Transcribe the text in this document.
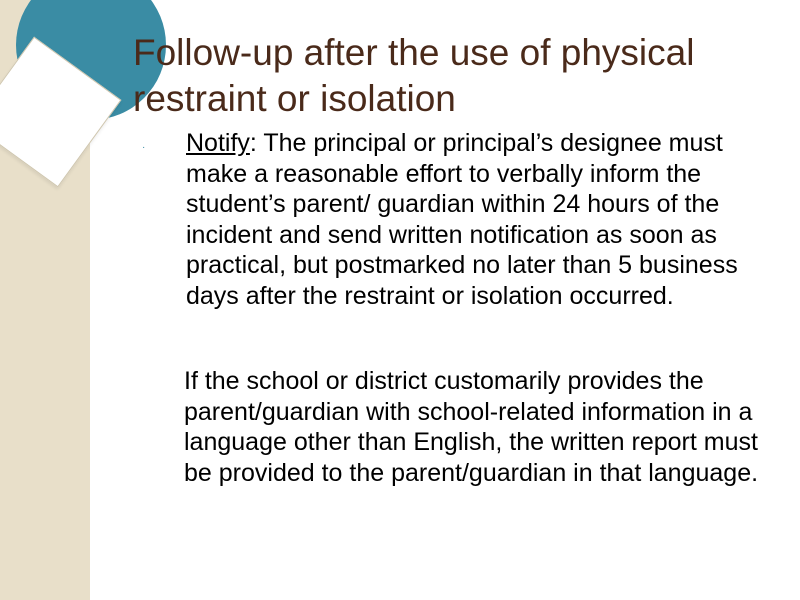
Follow-up after the use of physical restraint or isolation
· Notify: The principal or principal’s designee must make a reasonable effort to verbally inform the student’s parent/ guardian within 24 hours of the incident and send written notification as soon as practical, but postmarked no later than 5 business days after the restraint or isolation occurred.

If the school or district customarily provides the parent/guardian with school-related information in a language other than English, the written report must be provided to the parent/guardian in that language.
